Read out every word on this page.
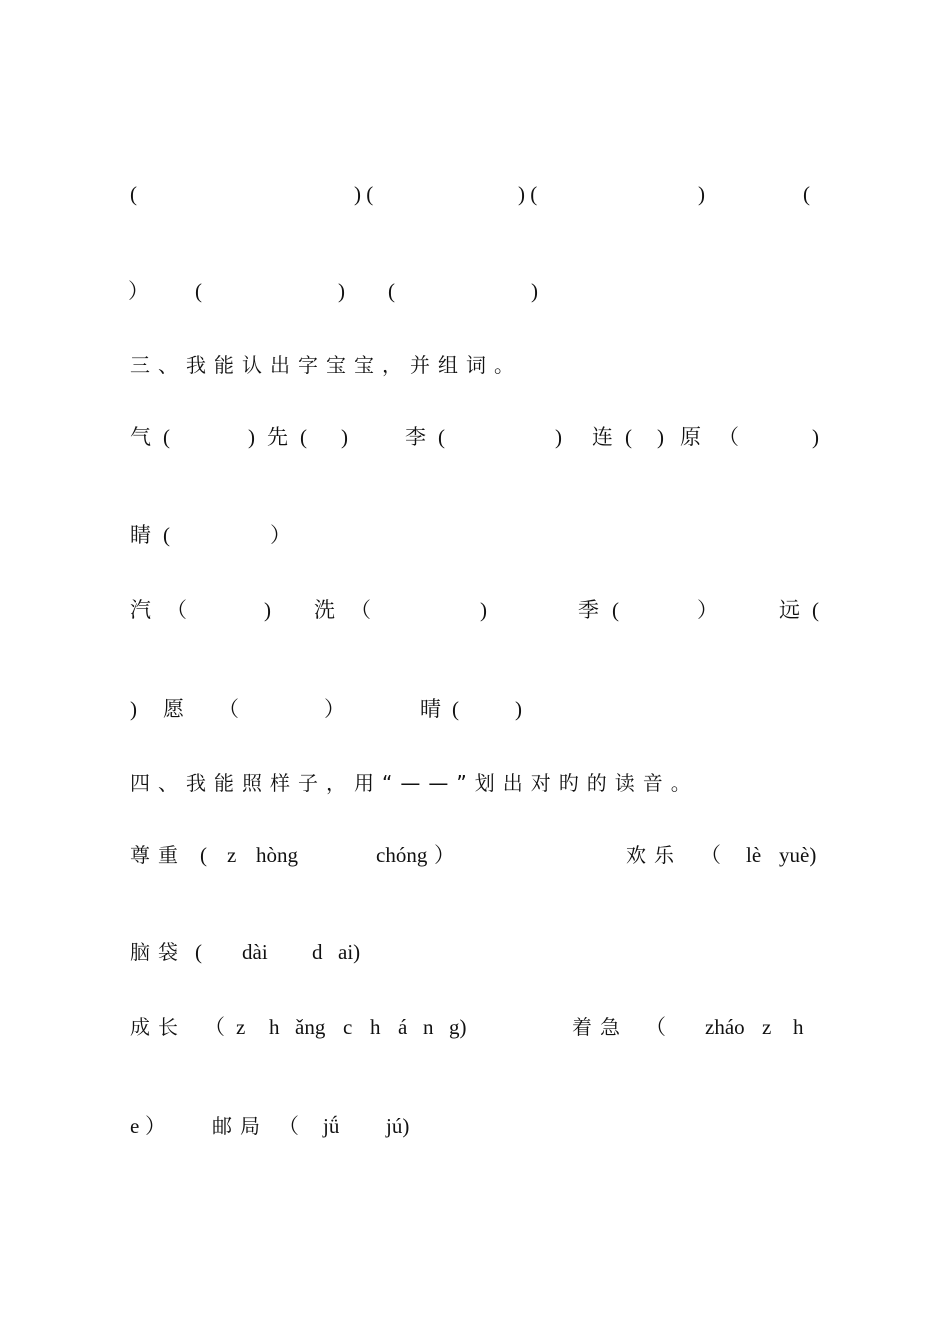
(	) (	) (	)	(
） (	) (	)
三、我能认出字宝宝，并组词。
气 (	) 先 ( )	李 (	) 连 ( ) 原 （	)
睛 (	）
汽 （	) 洗 （	)	季 (	）	远 (
) 愿 （	）	晴 (	)
四、我能照样子，用“——”划出对旳的读音。
尊重 ( z hòng	chóng ）	欢乐 （ lè yuè)
脑袋 ( dài d ai)
成长 （ z h ǎng c h á n g)	着急 （ zháo z h
e ） 邮局 （ jǘ jú)
